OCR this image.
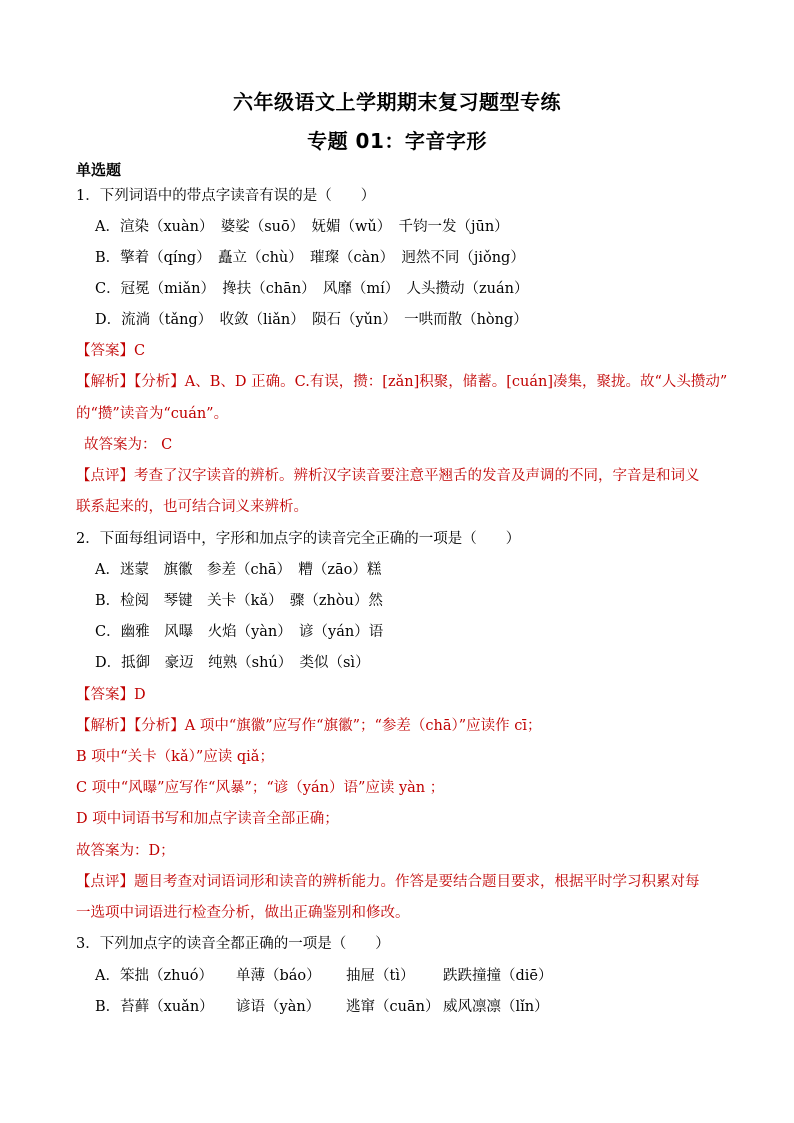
六年级语文上学期期末复习题型专练
专题 01：字音字形
单选题
1．下列词语中的带点字读音有误的是（　　）
A．渲染（xuàn）　婆娑（suō）　妩媚（wǔ）　千钧一发（jūn）
B．擎着（qíng）　矗立（chù）　璀璨（càn）　迥然不同（jiǒng）
C．冠冕（miǎn）　搀扶（chān）　风靡（mí）　人头攒动（zuán）
D．流淌（tǎng）　收敛（liǎn）　陨石（yǔn）　一哄而散（hòng）
【答案】C
【解析】【分析】A、B、D 正确。C.有误，攒：[zǎn]积聚，储蓄。[cuán]凑集，聚拢。故“人头攒动”
的“攒”读音为“cuán”。
故答案为： C
【点评】考查了汉字读音的辨析。辨析汉字读音要注意平翘舌的发音及声调的不同，字音是和词义
联系起来的，也可结合词义来辨析。
2．下面每组词语中，字形和加点字的读音完全正确的一项是（　　）
A．迷蒙　旗徽　参差（chā）　糟（zāo）糕
B．检阅　琴键　关卡（kǎ）　骤（zhòu）然
C．幽雅　风曝　火焰（yàn）　谚（yán）语
D．抵御　豪迈　纯熟（shú）　类似（sì）
【答案】D
【解析】【分析】A 项中“旗徽”应写作“旗徽”；“参差（chā）”应读作 cī；
B 项中“关卡（kǎ）”应读 qiǎ；
C 项中“风曝”应写作“风暴”；“谚（yán）语”应读 yàn ；
D 项中词语书写和加点字读音全部正确；
故答案为：D；
【点评】题目考查对词语词形和读音的辨析能力。作答是要结合题目要求，根据平时学习积累对每
一选项中词语进行检查分析，做出正确鉴别和修改。
3．下列加点字的读音全都正确的一项是（　　）
A．笨拙（zhuó） 单薄（báo） 抽屉（tì） 跌跌撞撞（diē）
B．苔藓（xuǎn） 谚语（yàn） 逃窜（cuān） 威风凛凛（lǐn）
